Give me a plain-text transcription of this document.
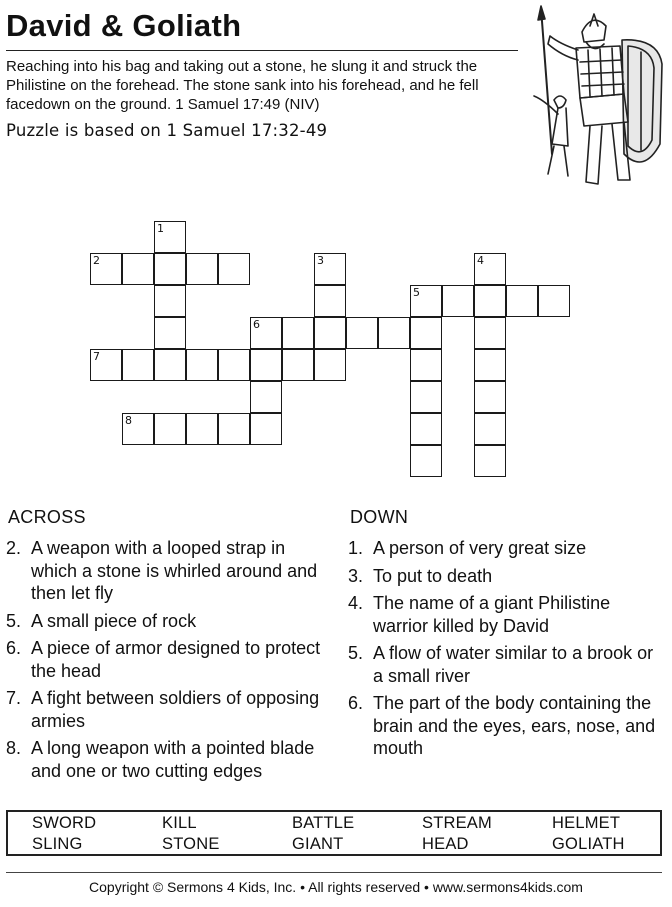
David & Goliath
Reaching into his bag and taking out a stone, he slung it and struck the Philistine on the forehead. The stone sank into his forehead, and he fell facedown on the ground. 1 Samuel 17:49 (NIV)
Puzzle is based on 1 Samuel 17:32-49
1
2	3	4
5
6
7
8
ACROSS
2. A weapon with a looped strap in which a stone is whirled around and then let fly
5. A small piece of rock
6. A piece of armor designed to protect the head
7. A fight between soldiers of opposing armies
8. A long weapon with a pointed blade and one or two cutting edges
DOWN
1. A person of very great size
3. To put to death
4. The name of a giant Philistine warrior killed by David
5. A flow of water similar to a brook or a small river
6. The part of the body containing the brain and the eyes, ears, nose, and mouth
SWORD	KILL	BATTLE	STREAM	HELMET
SLING	STONE	GIANT	HEAD	GOLIATH
Copyright © Sermons 4 Kids, Inc. • All rights reserved • www.sermons4kids.com
